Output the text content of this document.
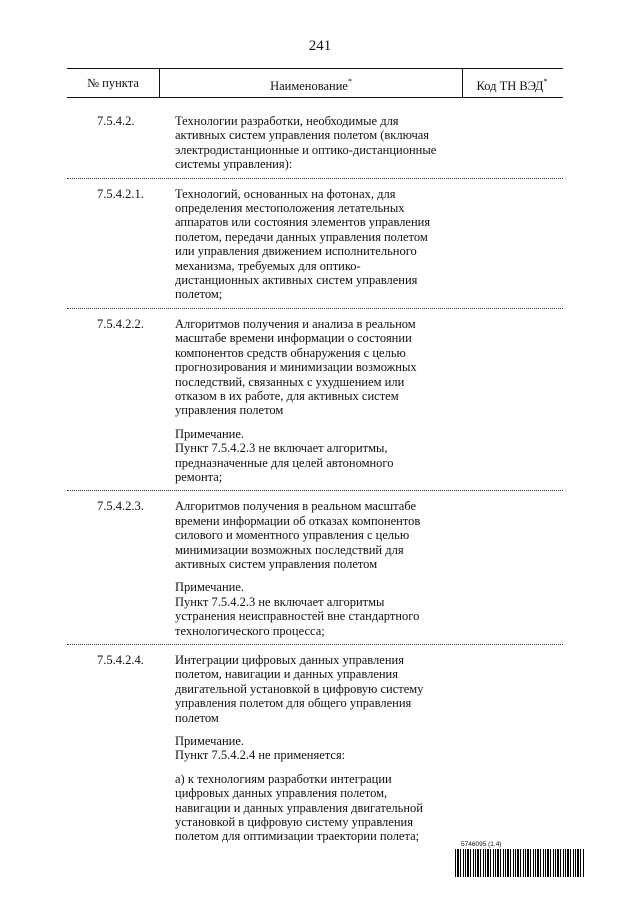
241
№ пункта	Наименование*	Код ТН ВЭД*
7.5.4.2.	Технологии разработки, необходимые для активных систем управления полетом (включая электродистанционные и оптико-дистанционные системы управления):

7.5.4.2.1.	Технологий, основанных на фотонах, для определения местоположения летательных аппаратов или состояния элементов управления полетом, передачи данных управления полетом или управления движением исполнительного механизма, требуемых для оптико-дистанционных активных систем управления полетом;

7.5.4.2.2.	Алгоритмов получения и анализа в реальном масштабе времени информации о состоянии компонентов средств обнаружения с целью прогнозирования и минимизации возможных последствий, связанных с ухудшением или отказом в их работе, для активных систем управления полетом

Примечание.
Пункт 7.5.4.2.3 не включает алгоритмы, предназначенные для целей автономного ремонта;

7.5.4.2.3.	Алгоритмов получения в реальном масштабе времени информации об отказах компонентов силового и моментного управления с целью минимизации возможных последствий для активных систем управления полетом

Примечание.
Пункт 7.5.4.2.3 не включает алгоритмы устранения неисправностей вне стандартного технологического процесса;

7.5.4.2.4.	Интеграции цифровых данных управления полетом, навигации и данных управления двигательной установкой в цифровую систему управления полетом для общего управления полетом

Примечание.
Пункт 7.5.4.2.4 не применяется:

а) к технологиям разработки интеграции цифровых данных управления полетом, навигации и данных управления двигательной установкой в цифровую систему управления полетом для оптимизации траектории полета;

5746095 (1.4)
